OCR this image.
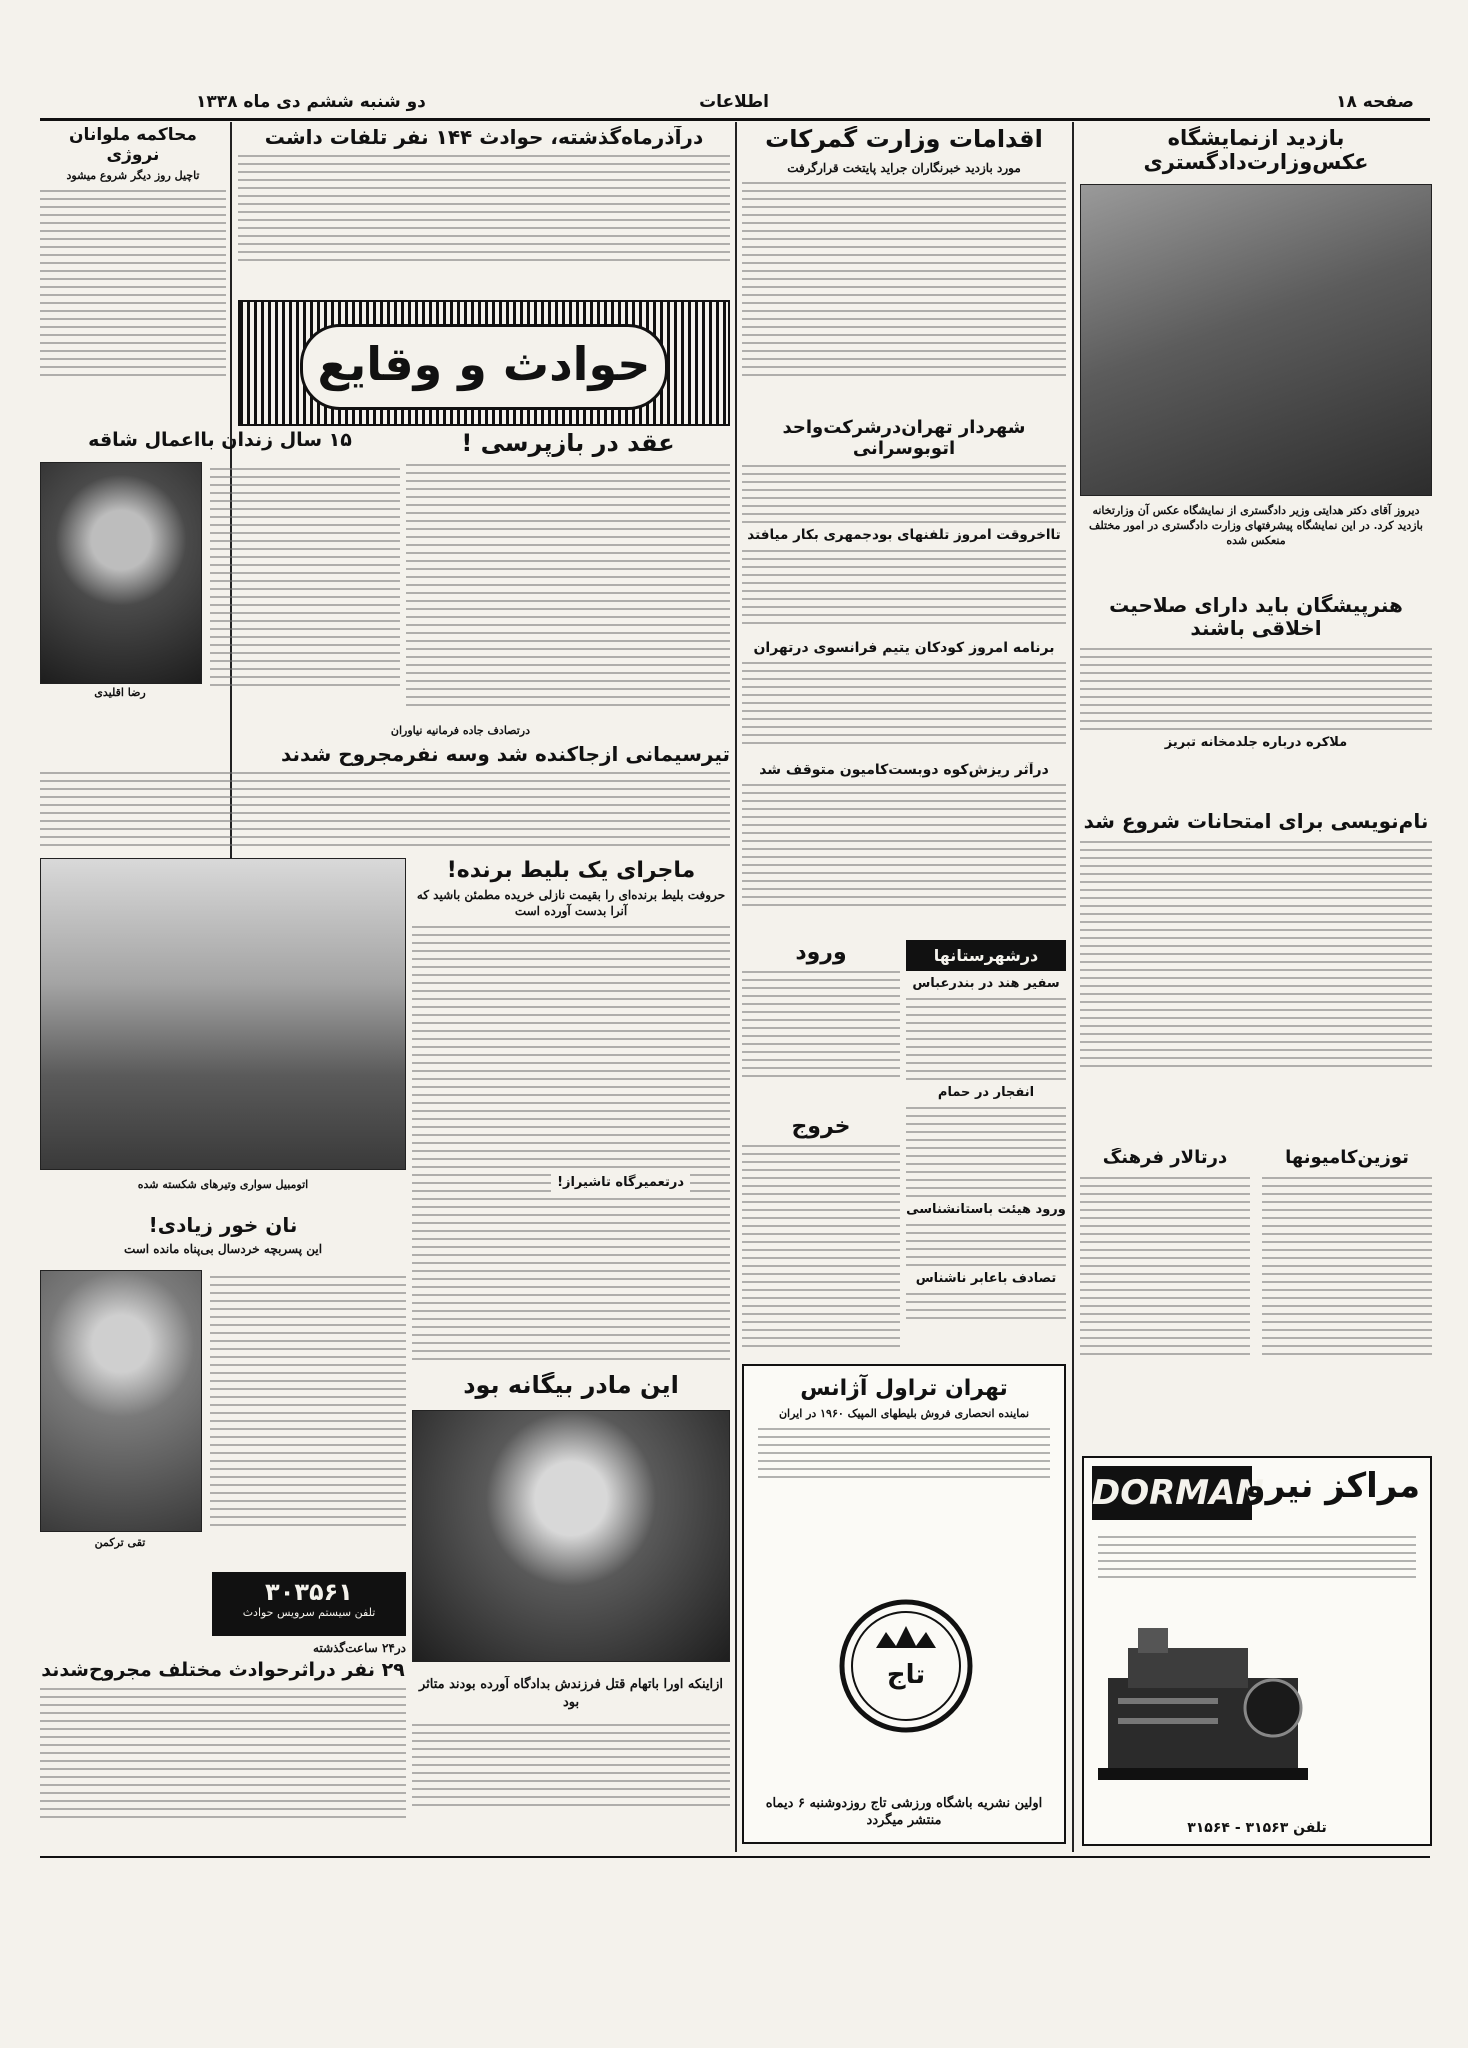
صفحه ۱۸
اطلاعات
دو شنبه ششم دی ماه ۱۳۳۸
بازدید ازنمایشگاه عکس‌وزارت‌دادگستری
دیروز آقای دکتر هدایتی وزیر دادگستری از نمایشگاه عکس آن وزارتخانه بازدید کرد. در این نمایشگاه پیشرفتهای وزارت دادگستری در امور مختلف منعکس شده
هنرپیشگان باید دارای صلاحیت اخلاقی باشند
ملاکره درباره جلدمخانه تبریز
نام‌نویسی برای امتحانات شروع شد
درتالار فرهنگ	توزین‌کامیونها
DORMAN
مراکز نیرو
تلفن ۳۱۵۶۳ - ۳۱۵۶۴
اقدامات وزارت گمرکات
مورد بازدید خبرنگاران جرايد پایتخت قرارگرفت
شهردار تهران‌درشرکت‌واحد اتوبوسرانی
تاآخروقت امروز تلفنهای بودجمهری بکار میافتد
برنامه امروز کودکان یتیم فرانسوی درتهران
درآثر ریزش‌کوه دوبست‌کامیون متوقف شد
درشهرستانها
سفیر هند در بندرعباس
انفجار در حمام
ورود هیئت باستانشناسی
تصادف باعابر ناشناس
ورود
خروج
تهران تراول آژانس
نماینده انحصاری فروش بلیطهای المپیک ۱۹۶۰ در ایران
تاج
اولین نشریه باشگاه ورزشی تاج روزدوشنبه ۶ دیماه منتشر میگردد
درآذرماه‌گذشته، حوادث ۱۴۴ نفر تلفات داشت
محاکمه ملوانان نروژی
تاچیل روز دیگر شروع میشود
حوادث و وقايع
۱۵ سال زندان بااعمال شاقه
رضا اقلیدی
عقد در بازپرسی !
درتصادف جاده فرمانیه نیاوران
تیرسیمانی ازجاکنده شد وسه نفرمجروح شدند
اتومبیل سواری وتیرهای شکسته شده
ماجرای یک بلیط برنده!
حروفت بلیط برنده‌ای را بقیمت نازلی خریده مطمئن باشید که آنرا بدست آورده است
درتعمیرگاه تاشیراز!
نان خور زیادی!
این پسربچه خردسال بی‌پناه مانده است
تقی ترکمن
۳۰۳۵۶۱
تلفن سیستم سرویس حوادث
این مادر بیگانه بود
ازاینکه اورا باتهام قتل فرزندش بدادگاه آورده بودند متاثر بود
در۲۴ ساعت‌گذشته
۲۹ نفر دراثرحوادث مختلف مجروح‌شدند
